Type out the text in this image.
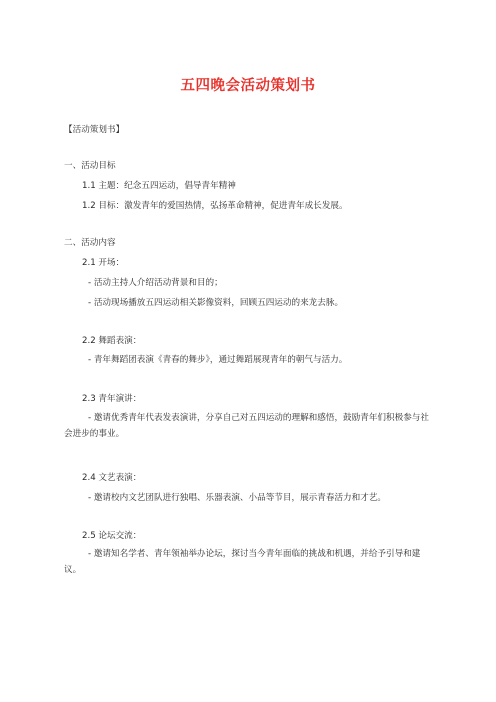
五四晚会活动策划书
【活动策划书】
一、活动目标
1.1 主题：纪念五四运动，倡导青年精神
1.2 目标：激发青年的爱国热情，弘扬革命精神，促进青年成长发展。
二、活动内容
2.1 开场：
- 活动主持人介绍活动背景和目的；
- 活动现场播放五四运动相关影像资料，回顾五四运动的来龙去脉。
2.2 舞蹈表演：
- 青年舞蹈团表演《青春的舞步》，通过舞蹈展现青年的朝气与活力。
2.3 青年演讲：
- 邀请优秀青年代表发表演讲，分享自己对五四运动的理解和感悟，鼓励青年们积极参与社会进步的事业。
2.4 文艺表演：
- 邀请校内文艺团队进行独唱、乐器表演、小品等节目，展示青春活力和才艺。
2.5 论坛交流：
- 邀请知名学者、青年领袖举办论坛，探讨当今青年面临的挑战和机遇，并给予引导和建议。
